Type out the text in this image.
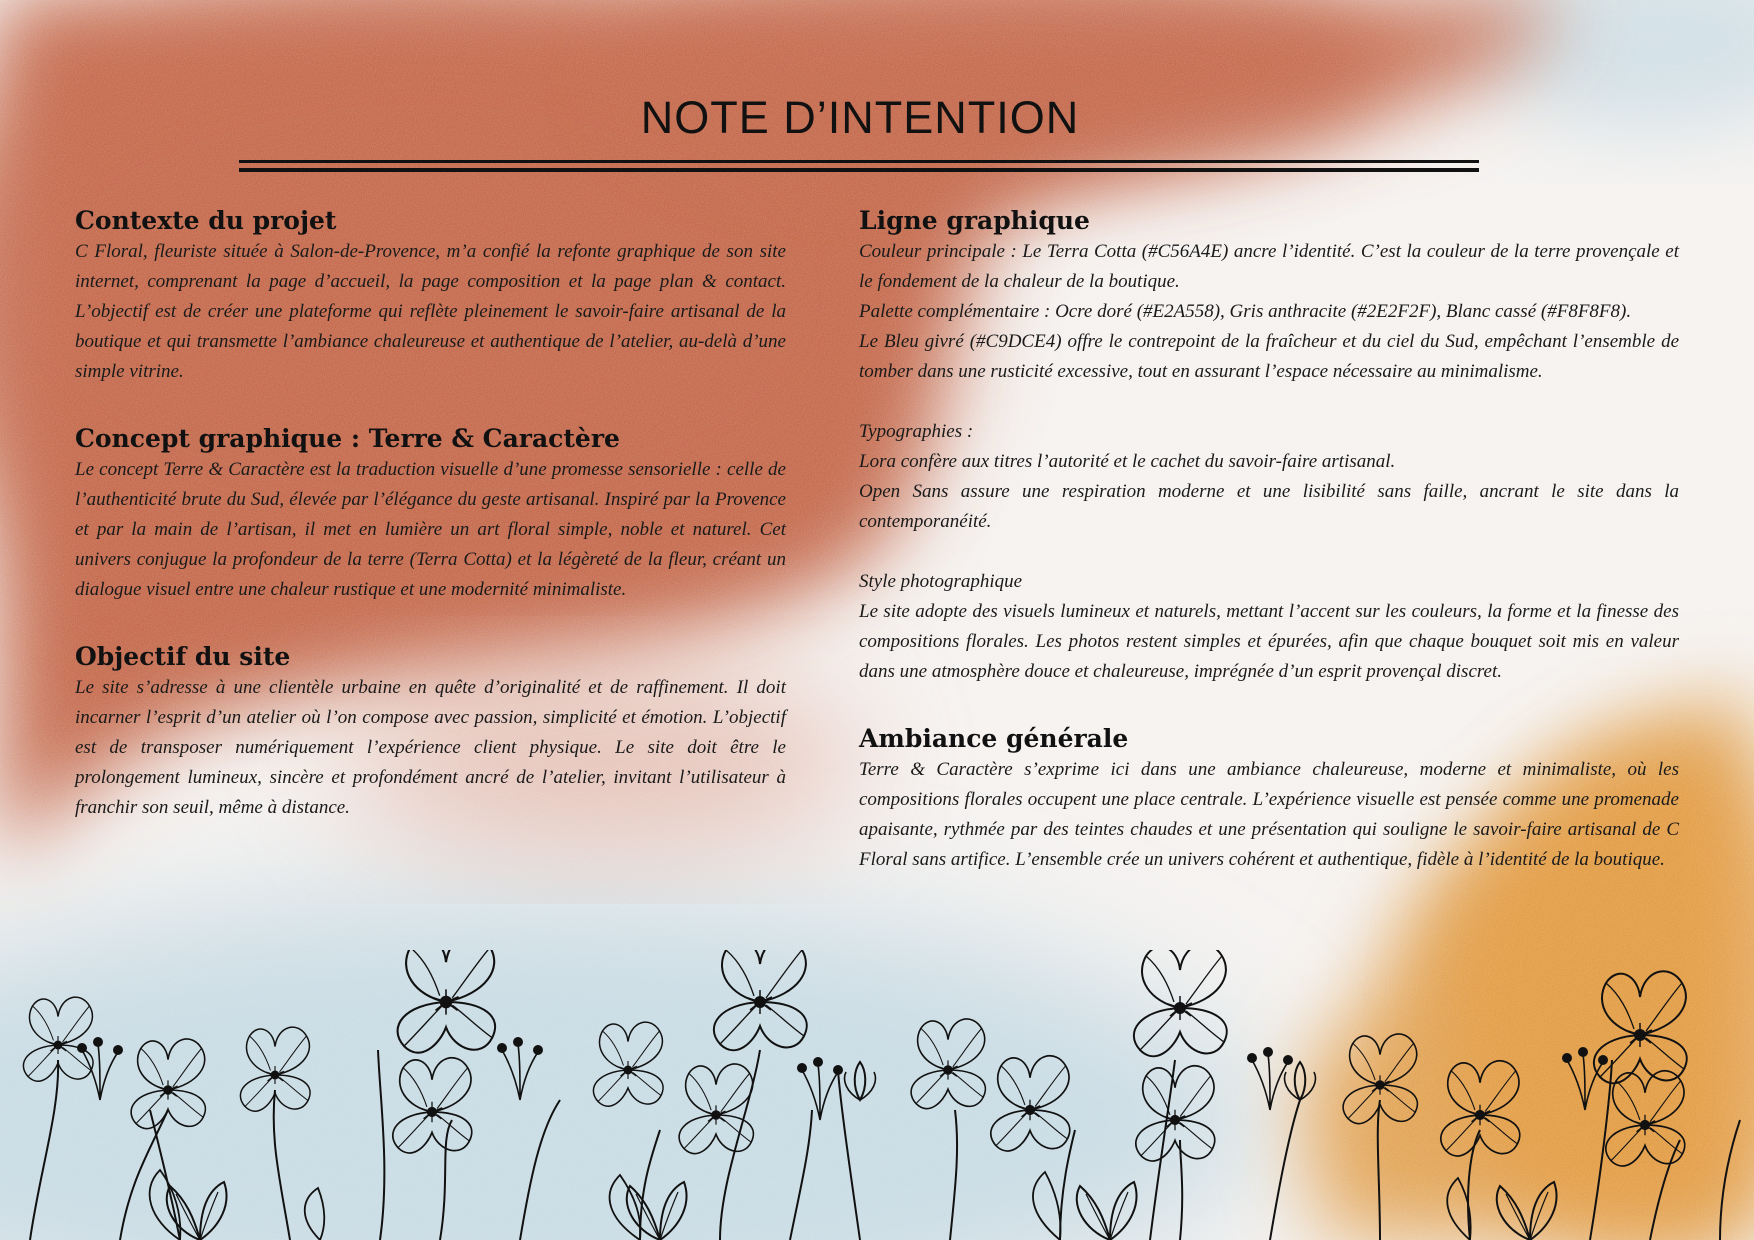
NOTE D’INTENTION
Contexte du projet

C Floral, fleuriste située à Salon-de-Provence, m’a confié la refonte graphique de son site internet, comprenant la page d’accueil, la page composition et la page plan & contact. L’objectif est de créer une plateforme qui reflète pleinement le savoir-faire artisanal de la boutique et qui transmette l’ambiance chaleureuse et authentique de l’atelier, au-delà d’une simple vitrine.

Concept graphique : Terre & Caractère

Le concept Terre & Caractère est la traduction visuelle d’une promesse sensorielle : celle de l’authenticité brute du Sud, élevée par l’élégance du geste artisanal. Inspiré par la Provence et par la main de l’artisan, il met en lumière un art floral simple, noble et naturel. Cet univers conjugue la profondeur de la terre (Terra Cotta) et la légèreté de la fleur, créant un dialogue visuel entre une chaleur rustique et une modernité minimaliste.

Objectif du site

Le site s’adresse à une clientèle urbaine en quête d’originalité et de raffinement. Il doit incarner l’esprit d’un atelier où l’on compose avec passion, simplicité et émotion. L’objectif est de transposer numériquement l’expérience client physique. Le site doit être le prolongement lumineux, sincère et profondément ancré de l’atelier, invitant l’utilisateur à franchir son seuil, même à distance.

Ligne graphique

Couleur principale : Le Terra Cotta (#C56A4E) ancre l’identité. C’est la couleur de la terre provençale et le fondement de la chaleur de la boutique.

Palette complémentaire : Ocre doré (#E2A558), Gris anthracite (#2E2F2F), Blanc cassé (#F8F8F8).

Le Bleu givré (#C9DCE4) offre le contrepoint de la fraîcheur et du ciel du Sud, empêchant l’ensemble de tomber dans une rusticité excessive, tout en assurant l’espace nécessaire au minimalisme.

Typographies :

Lora confère aux titres l’autorité et le cachet du savoir-faire artisanal.

Open Sans assure une respiration moderne et une lisibilité sans faille, ancrant le site dans la contemporanéité.

Style photographique

Le site adopte des visuels lumineux et naturels, mettant l’accent sur les couleurs, la forme et la finesse des compositions florales. Les photos restent simples et épurées, afin que chaque bouquet soit mis en valeur dans une atmosphère douce et chaleureuse, imprégnée d’un esprit provençal discret.

Ambiance générale

Terre & Caractère s’exprime ici dans une ambiance chaleureuse, moderne et minimaliste, où les compositions florales occupent une place centrale. L’expérience visuelle est pensée comme une promenade apaisante, rythmée par des teintes chaudes et une présentation qui souligne le savoir-faire artisanal de C Floral sans artifice. L’ensemble crée un univers cohérent et authentique, fidèle à l’identité de la boutique.
